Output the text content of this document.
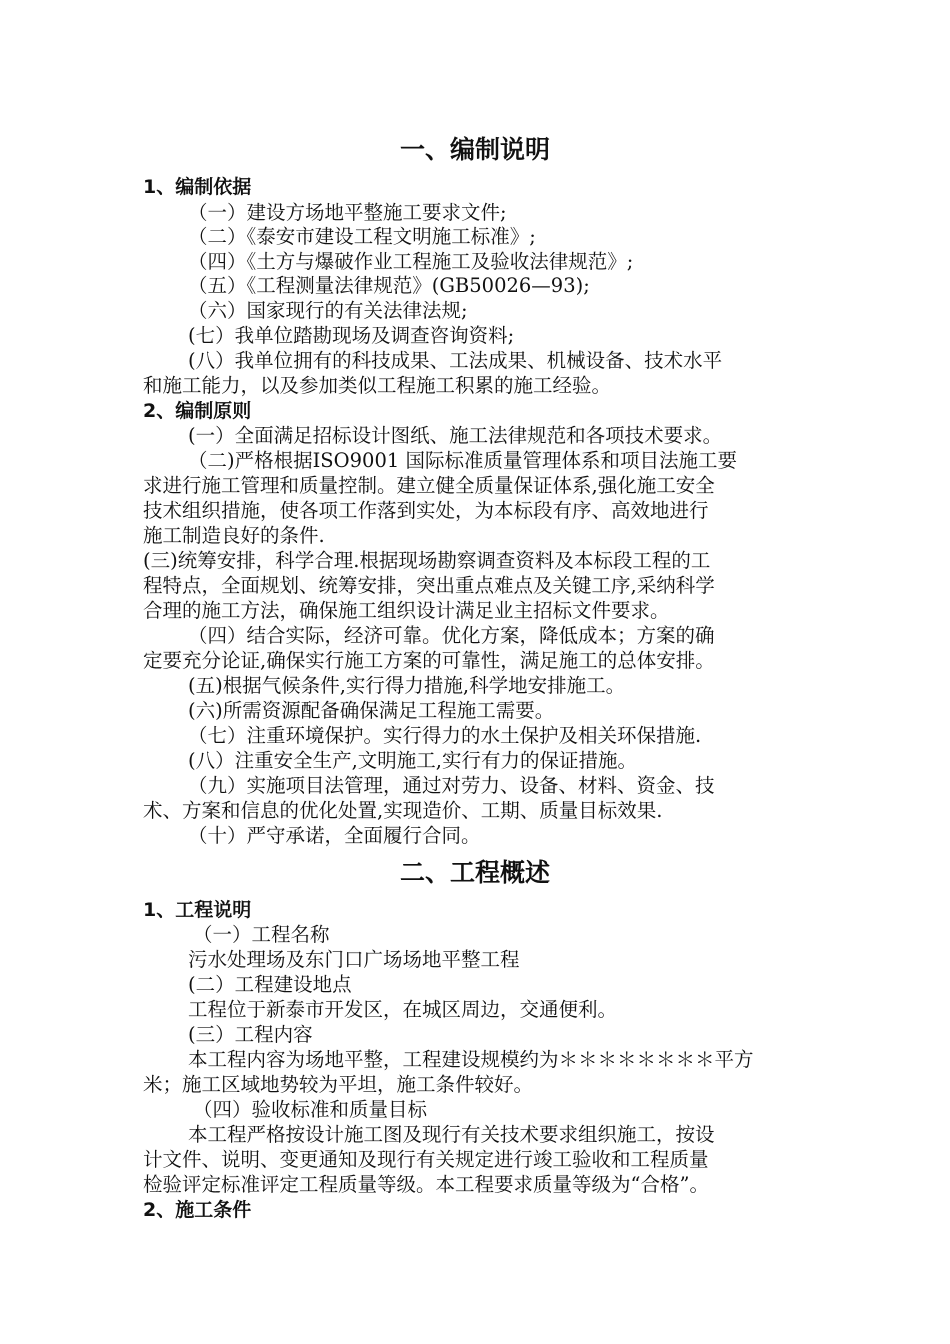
一、编制说明
1、编制依据
（一）建设方场地平整施工要求文件;
（二）《泰安市建设工程文明施工标准》;
（四）《土方与爆破作业工程施工及验收法律规范》;
（五）《工程测量法律规范》(GB50026—93);
（六）国家现行的有关法律法规;
(七）我单位踏勘现场及调查咨询资料;
(八）我单位拥有的科技成果、工法成果、机械设备、技术水平
和施工能力，以及参加类似工程施工积累的施工经验。
2、编制原则
(一）全面满足招标设计图纸、施工法律规范和各项技术要求。
（二)严格根据ISO9001 国际标准质量管理体系和项目法施工要
求进行施工管理和质量控制。建立健全质量保证体系,强化施工安全
技术组织措施，使各项工作落到实处，为本标段有序、高效地进行
施工制造良好的条件.
(三)统筹安排，科学合理.根据现场勘察调查资料及本标段工程的工
程特点，全面规划、统筹安排，突出重点难点及关键工序,采纳科学
合理的施工方法，确保施工组织设计满足业主招标文件要求。
（四）结合实际，经济可靠。优化方案，降低成本；方案的确
定要充分论证,确保实行施工方案的可靠性，满足施工的总体安排。
(五)根据气候条件,实行得力措施,科学地安排施工。
(六)所需资源配备确保满足工程施工需要。
（七）注重环境保护。实行得力的水土保护及相关环保措施.
(八）注重安全生产,文明施工,实行有力的保证措施。
（九）实施项目法管理，通过对劳力、设备、材料、资金、技
术、方案和信息的优化处置,实现造价、工期、质量目标效果.
（十）严守承诺，全面履行合同。
二、工程概述
1、工程说明
（一）工程名称
污水处理场及东门口广场场地平整工程
(二）工程建设地点
工程位于新泰市开发区，在城区周边，交通便利。
(三）工程内容
本工程内容为场地平整，工程建设规模约为＊＊＊＊＊＊＊＊平方
米；施工区域地势较为平坦，施工条件较好。
（四）验收标准和质量目标
本工程严格按设计施工图及现行有关技术要求组织施工，按设
计文件、说明、变更通知及现行有关规定进行竣工验收和工程质量
检验评定标准评定工程质量等级。本工程要求质量等级为“合格”。
2、施工条件
